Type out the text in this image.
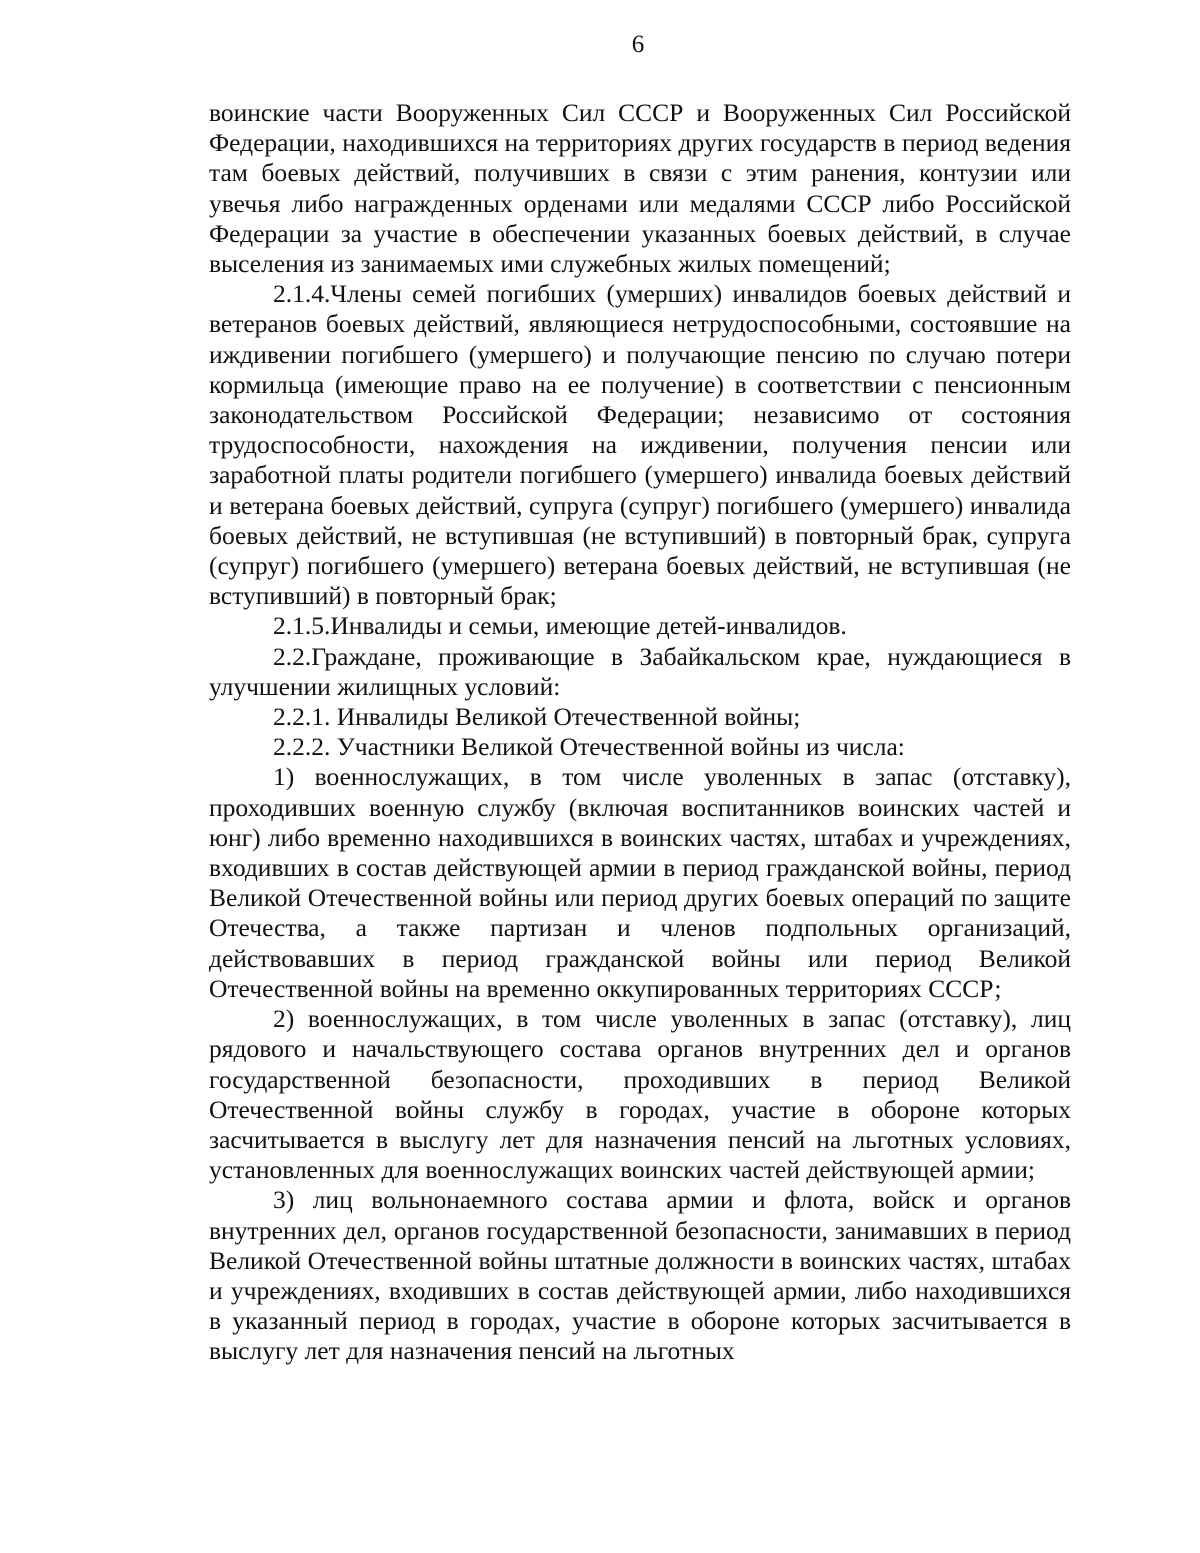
6

воинские части Вооруженных Сил СССР и Вооруженных Сил Российской Федерации, находившихся на территориях других государств в период ведения там боевых действий, получивших в связи с этим ранения, контузии или увечья либо награжденных орденами или медалями СССР либо Российской Федерации за участие в обеспечении указанных боевых действий, в случае выселения из занимаемых ими служебных жилых помещений;

2.1.4.Члены семей погибших (умерших) инвалидов боевых действий и ветеранов боевых действий, являющиеся нетрудоспособными, состоявшие на иждивении погибшего (умершего) и получающие пенсию по случаю потери кормильца (имеющие право на ее получение) в соответствии с пенсионным законодательством Российской Федерации; независимо от состояния трудоспособности, нахождения на иждивении, получения пенсии или заработной платы родители погибшего (умершего) инвалида боевых действий и ветерана боевых действий, супруга (супруг) погибшего (умершего) инвалида боевых действий, не вступившая (не вступивший) в повторный брак, супруга (супруг) погибшего (умершего) ветерана боевых действий, не вступившая (не вступивший) в повторный брак;

2.1.5.Инвалиды и семьи, имеющие детей-инвалидов.

2.2.Граждане, проживающие в Забайкальском крае, нуждающиеся в улучшении жилищных условий:

2.2.1. Инвалиды Великой Отечественной войны;

2.2.2. Участники Великой Отечественной войны из числа:

1) военнослужащих, в том числе уволенных в запас (отставку), проходивших военную службу (включая воспитанников воинских частей и юнг) либо временно находившихся в воинских частях, штабах и учреждениях, входивших в состав действующей армии в период гражданской войны, период Великой Отечественной войны или период других боевых операций по защите Отечества, а также партизан и членов подпольных организаций, действовавших в период гражданской войны или период Великой Отечественной войны на временно оккупированных территориях СССР;

2) военнослужащих, в том числе уволенных в запас (отставку), лиц рядового и начальствующего состава органов внутренних дел и органов государственной безопасности, проходивших в период Великой Отечественной войны службу в городах, участие в обороне которых засчитывается в выслугу лет для назначения пенсий на льготных условиях, установленных для военнослужащих воинских частей действующей армии;

3) лиц вольнонаемного состава армии и флота, войск и органов внутренних дел, органов государственной безопасности, занимавших в период Великой Отечественной войны штатные должности в воинских частях, штабах и учреждениях, входивших в состав действующей армии, либо находившихся в указанный период в городах, участие в обороне которых засчитывается в выслугу лет для назначения пенсий на льготных
